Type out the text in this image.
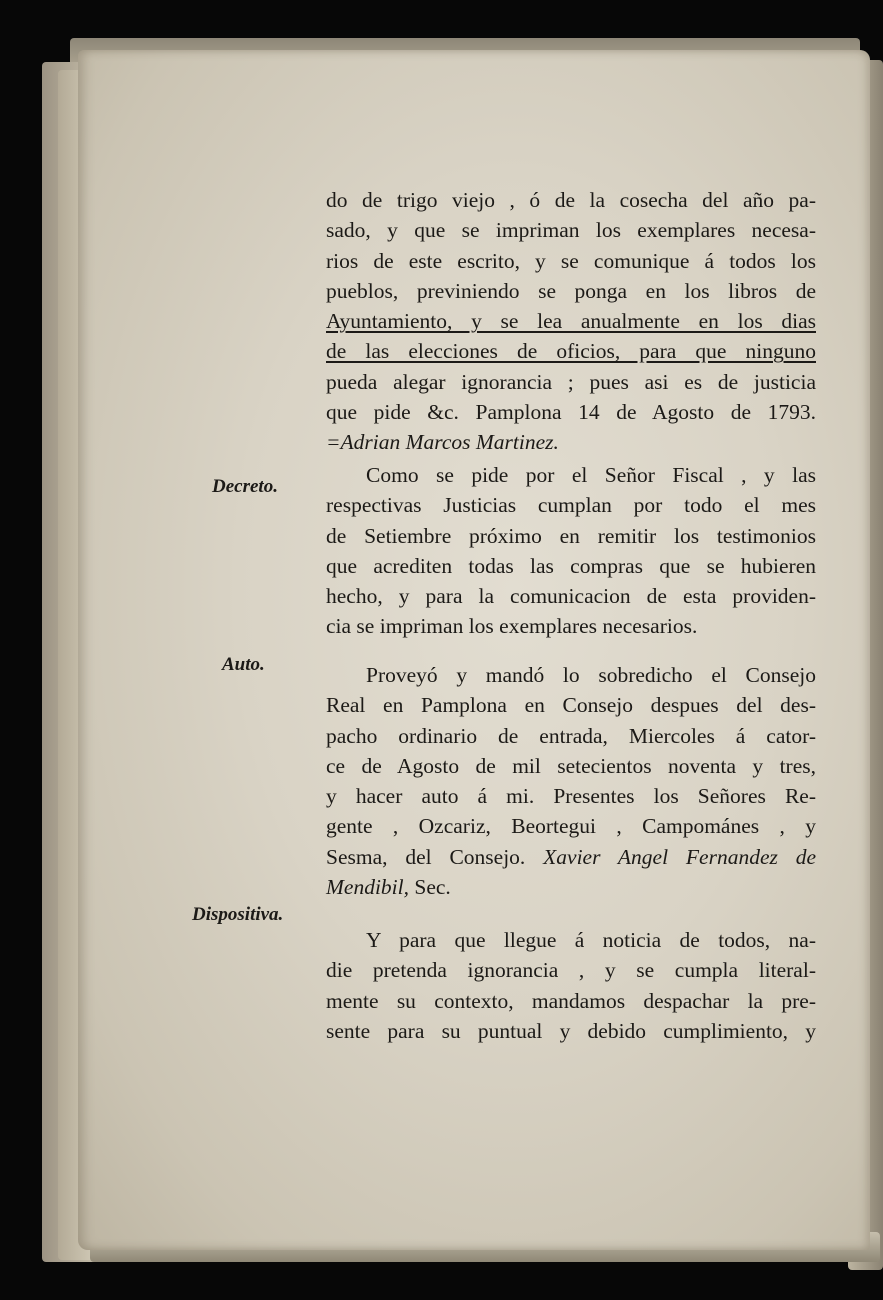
do de trigo viejo , ó de la cosecha del año pa-
sado, y que se impriman los exemplares necesa-
rios de este escrito, y se comunique á todos los
pueblos, previniendo se ponga en los libros de
Ayuntamiento, y se lea anualmente en los dias
de las elecciones de oficios, para que ninguno
pueda alegar ignorancia ; pues asi es de justicia
que pide &c. Pamplona 14 de Agosto de 1793.
=Adrian Marcos Martinez.
Decreto.	Como se pide por el Señor Fiscal , y las
respectivas Justicias cumplan por todo el mes
de Setiembre próximo en remitir los testimonios
que acrediten todas las compras que se hubieren
hecho, y para la comunicacion de esta providen-
cia se impriman los exemplares necesarios.
Auto.	Proveyó y mandó lo sobredicho el Consejo
Real en Pamplona en Consejo despues del des-
pacho ordinario de entrada, Miercoles á cator-
ce de Agosto de mil setecientos noventa y tres,
y hacer auto á mi. Presentes los Señores Re-
gente , Ozcariz, Beortegui , Campománes , y
Sesma, del Consejo. Xavier Angel Fernandez de
Mendibil, Sec.
Dispositiva.
Y para que llegue á noticia de todos, na-
die pretenda ignorancia , y se cumpla literal-
mente su contexto, mandamos despachar la pre-
sente para su puntual y debido cumplimiento, y
